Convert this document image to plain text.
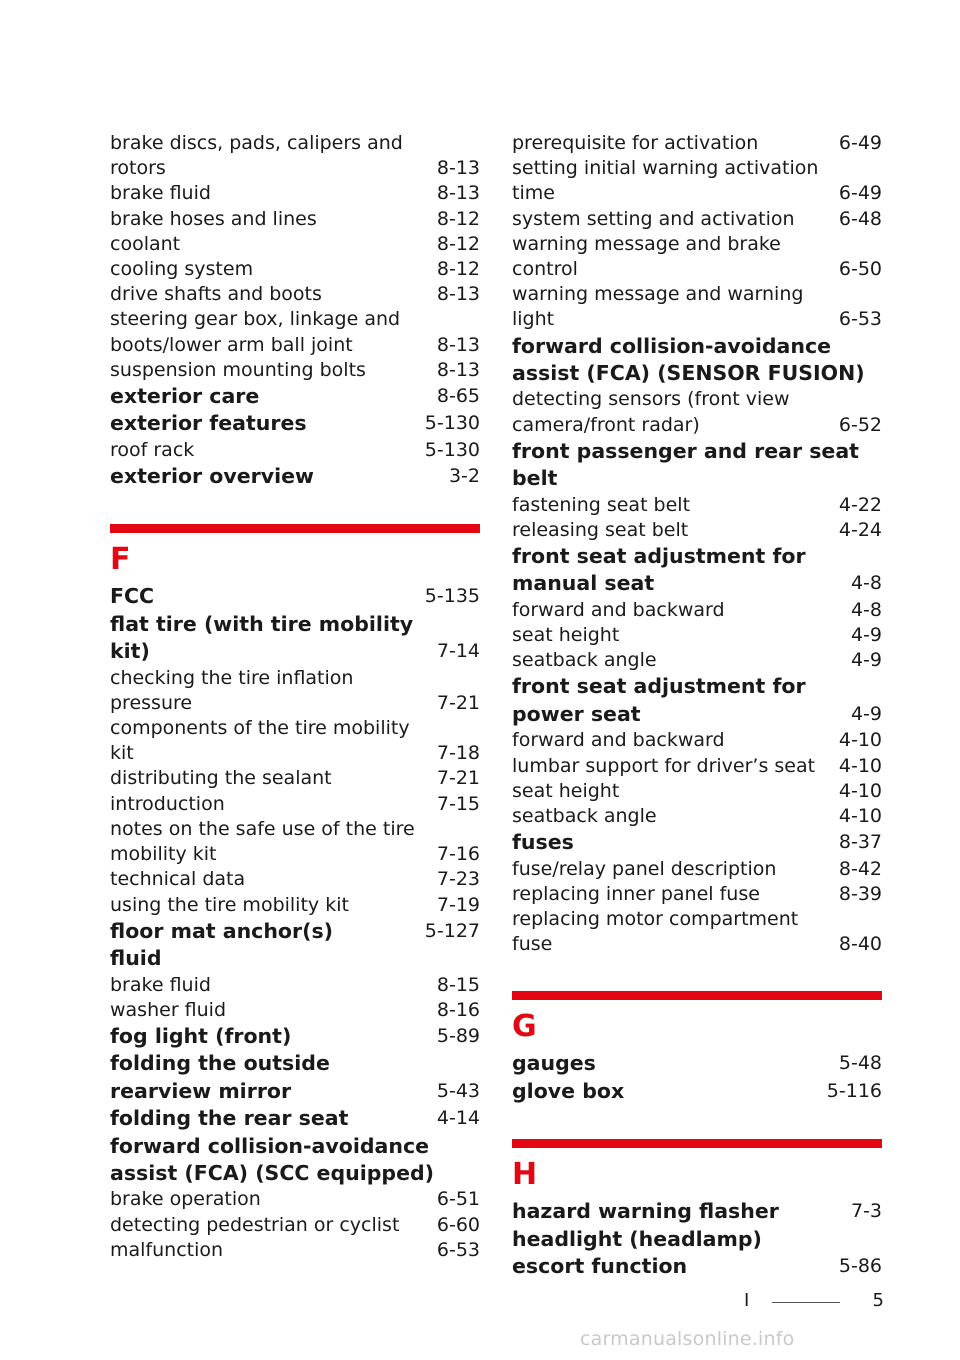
brake discs, pads, calipers and rotors	8-13
brake fluid	8-13
brake hoses and lines	8-12
coolant	8-12
cooling system	8-12
drive shafts and boots	8-13
steering gear box, linkage and boots/lower arm ball joint	8-13
suspension mounting bolts	8-13
exterior care	8-65
exterior features	5-130
roof rack	5-130
exterior overview	3-2
F
FCC	5-135
flat tire (with tire mobility kit)	7-14
checking the tire inflation pressure	7-21
components of the tire mobility kit	7-18
distributing the sealant	7-21
introduction	7-15
notes on the safe use of the tire mobility kit	7-16
technical data	7-23
using the tire mobility kit	7-19
floor mat anchor(s)	5-127
fluid
brake fluid	8-15
washer fluid	8-16
fog light (front)	5-89
folding the outside rearview mirror	5-43
folding the rear seat	4-14
forward collision-avoidance assist (FCA) (SCC equipped)
brake operation	6-51
detecting pedestrian or cyclist	6-60
malfunction	6-53
prerequisite for activation	6-49
setting initial warning activation time	6-49
system setting and activation	6-48
warning message and brake control	6-50
warning message and warning light	6-53
forward collision-avoidance assist (FCA) (SENSOR FUSION)
detecting sensors (front view camera/front radar)	6-52
front passenger and rear seat belt
fastening seat belt	4-22
releasing seat belt	4-24
front seat adjustment for manual seat	4-8
forward and backward	4-8
seat height	4-9
seatback angle	4-9
front seat adjustment for power seat	4-9
forward and backward	4-10
lumbar support for driver’s seat	4-10
seat height	4-10
seatback angle	4-10
fuses	8-37
fuse/relay panel description	8-42
replacing inner panel fuse	8-39
replacing motor compartment fuse	8-40
G
gauges	5-48
glove box	5-116
H
hazard warning flasher	7-3
headlight (headlamp) escort function	5-86
I	5
carmanualsonline.info
